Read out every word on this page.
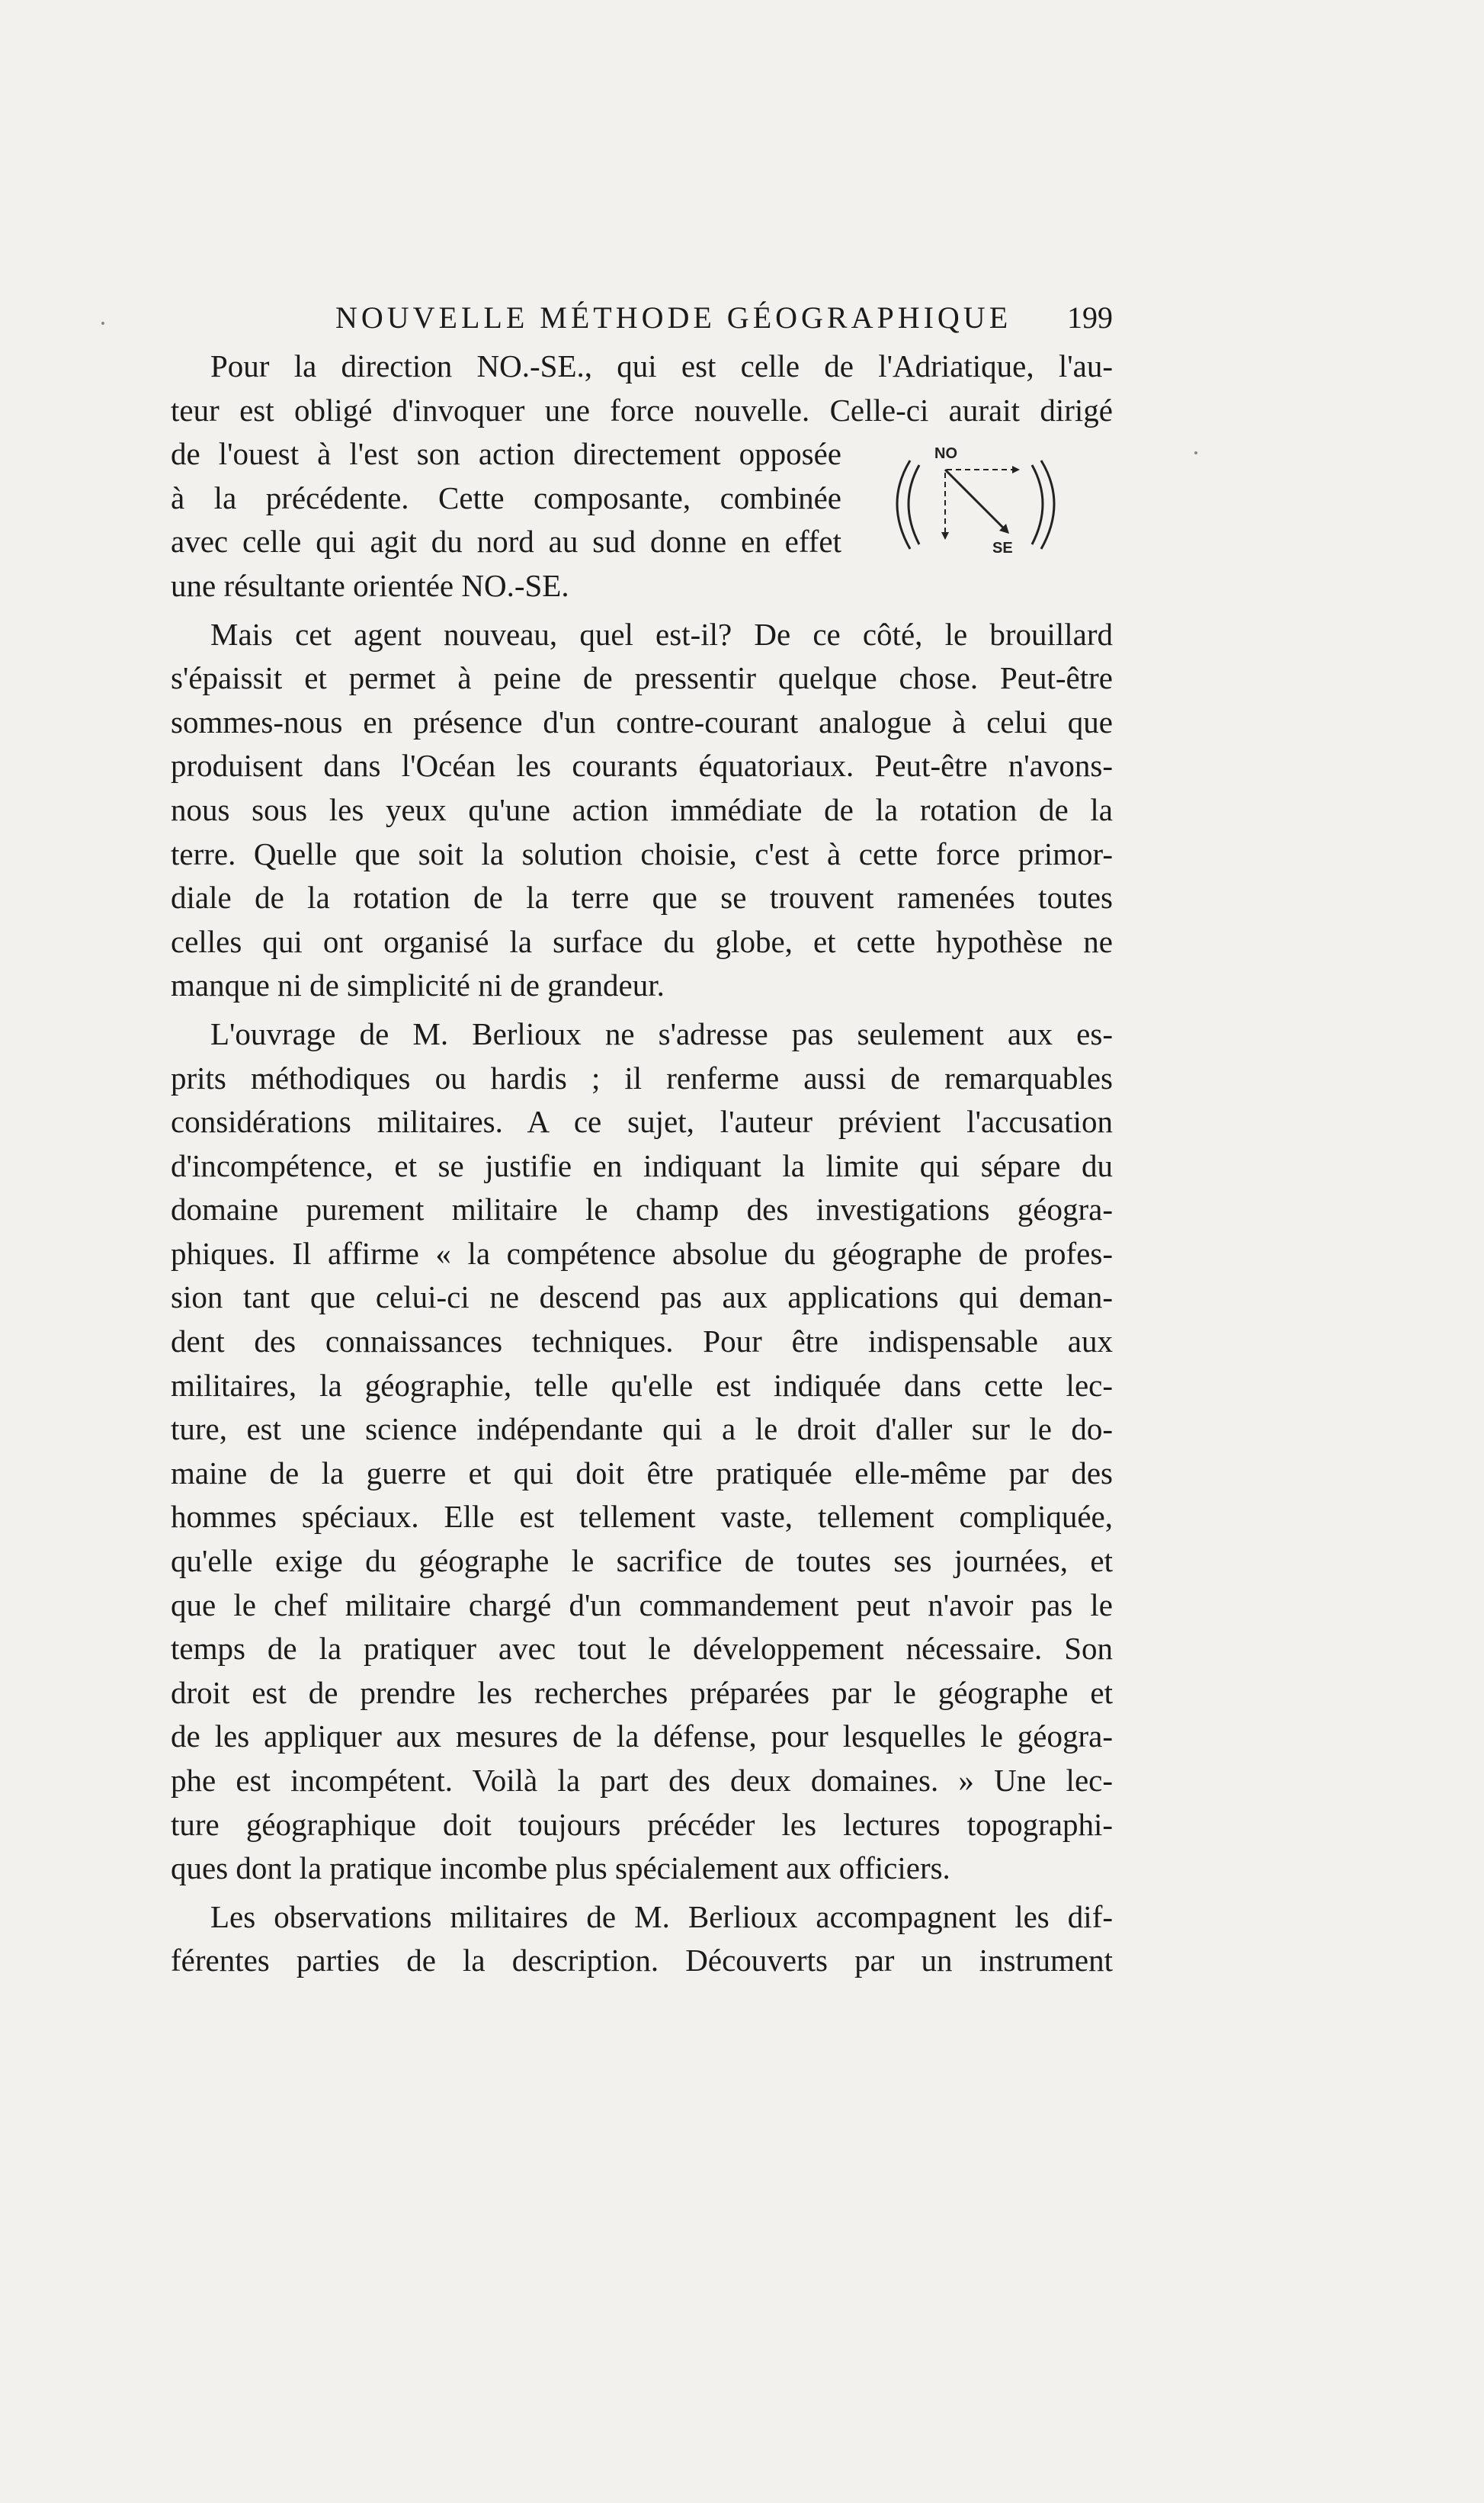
NOUVELLE MÉTHODE GÉOGRAPHIQUE 199
Pour la direction NO.-SE., qui est celle de l'Adriatique, l'au-
teur est obligé d'invoquer une force nouvelle. Celle-ci aurait dirigé
de l'ouest à l'est son action directement opposée
à la précédente. Cette composante, combinée
avec celle qui agit du nord au sud donne en effet
une résultante orientée NO.-SE.
Mais cet agent nouveau, quel est-il? De ce côté, le brouillard
s'épaissit et permet à peine de pressentir quelque chose. Peut-être
sommes-nous en présence d'un contre-courant analogue à celui que
produisent dans l'Océan les courants équatoriaux. Peut-être n'avons-
nous sous les yeux qu'une action immédiate de la rotation de la
terre. Quelle que soit la solution choisie, c'est à cette force primor-
diale de la rotation de la terre que se trouvent ramenées toutes
celles qui ont organisé la surface du globe, et cette hypothèse ne
manque ni de simplicité ni de grandeur.
L'ouvrage de M. Berlioux ne s'adresse pas seulement aux es-
prits méthodiques ou hardis ; il renferme aussi de remarquables
considérations militaires. A ce sujet, l'auteur prévient l'accusation
d'incompétence, et se justifie en indiquant la limite qui sépare du
domaine purement militaire le champ des investigations géogra-
phiques. Il affirme « la compétence absolue du géographe de profes-
sion tant que celui-ci ne descend pas aux applications qui deman-
dent des connaissances techniques. Pour être indispensable aux
militaires, la géographie, telle qu'elle est indiquée dans cette lec-
ture, est une science indépendante qui a le droit d'aller sur le do-
maine de la guerre et qui doit être pratiquée elle-même par des
hommes spéciaux. Elle est tellement vaste, tellement compliquée,
qu'elle exige du géographe le sacrifice de toutes ses journées, et
que le chef militaire chargé d'un commandement peut n'avoir pas le
temps de la pratiquer avec tout le développement nécessaire. Son
droit est de prendre les recherches préparées par le géographe et
de les appliquer aux mesures de la défense, pour lesquelles le géogra-
phe est incompétent. Voilà la part des deux domaines. » Une lec-
ture géographique doit toujours précéder les lectures topographi-
ques dont la pratique incombe plus spécialement aux officiers.
Les observations militaires de M. Berlioux accompagnent les dif-
férentes parties de la description. Découverts par un instrument
NO
SE
